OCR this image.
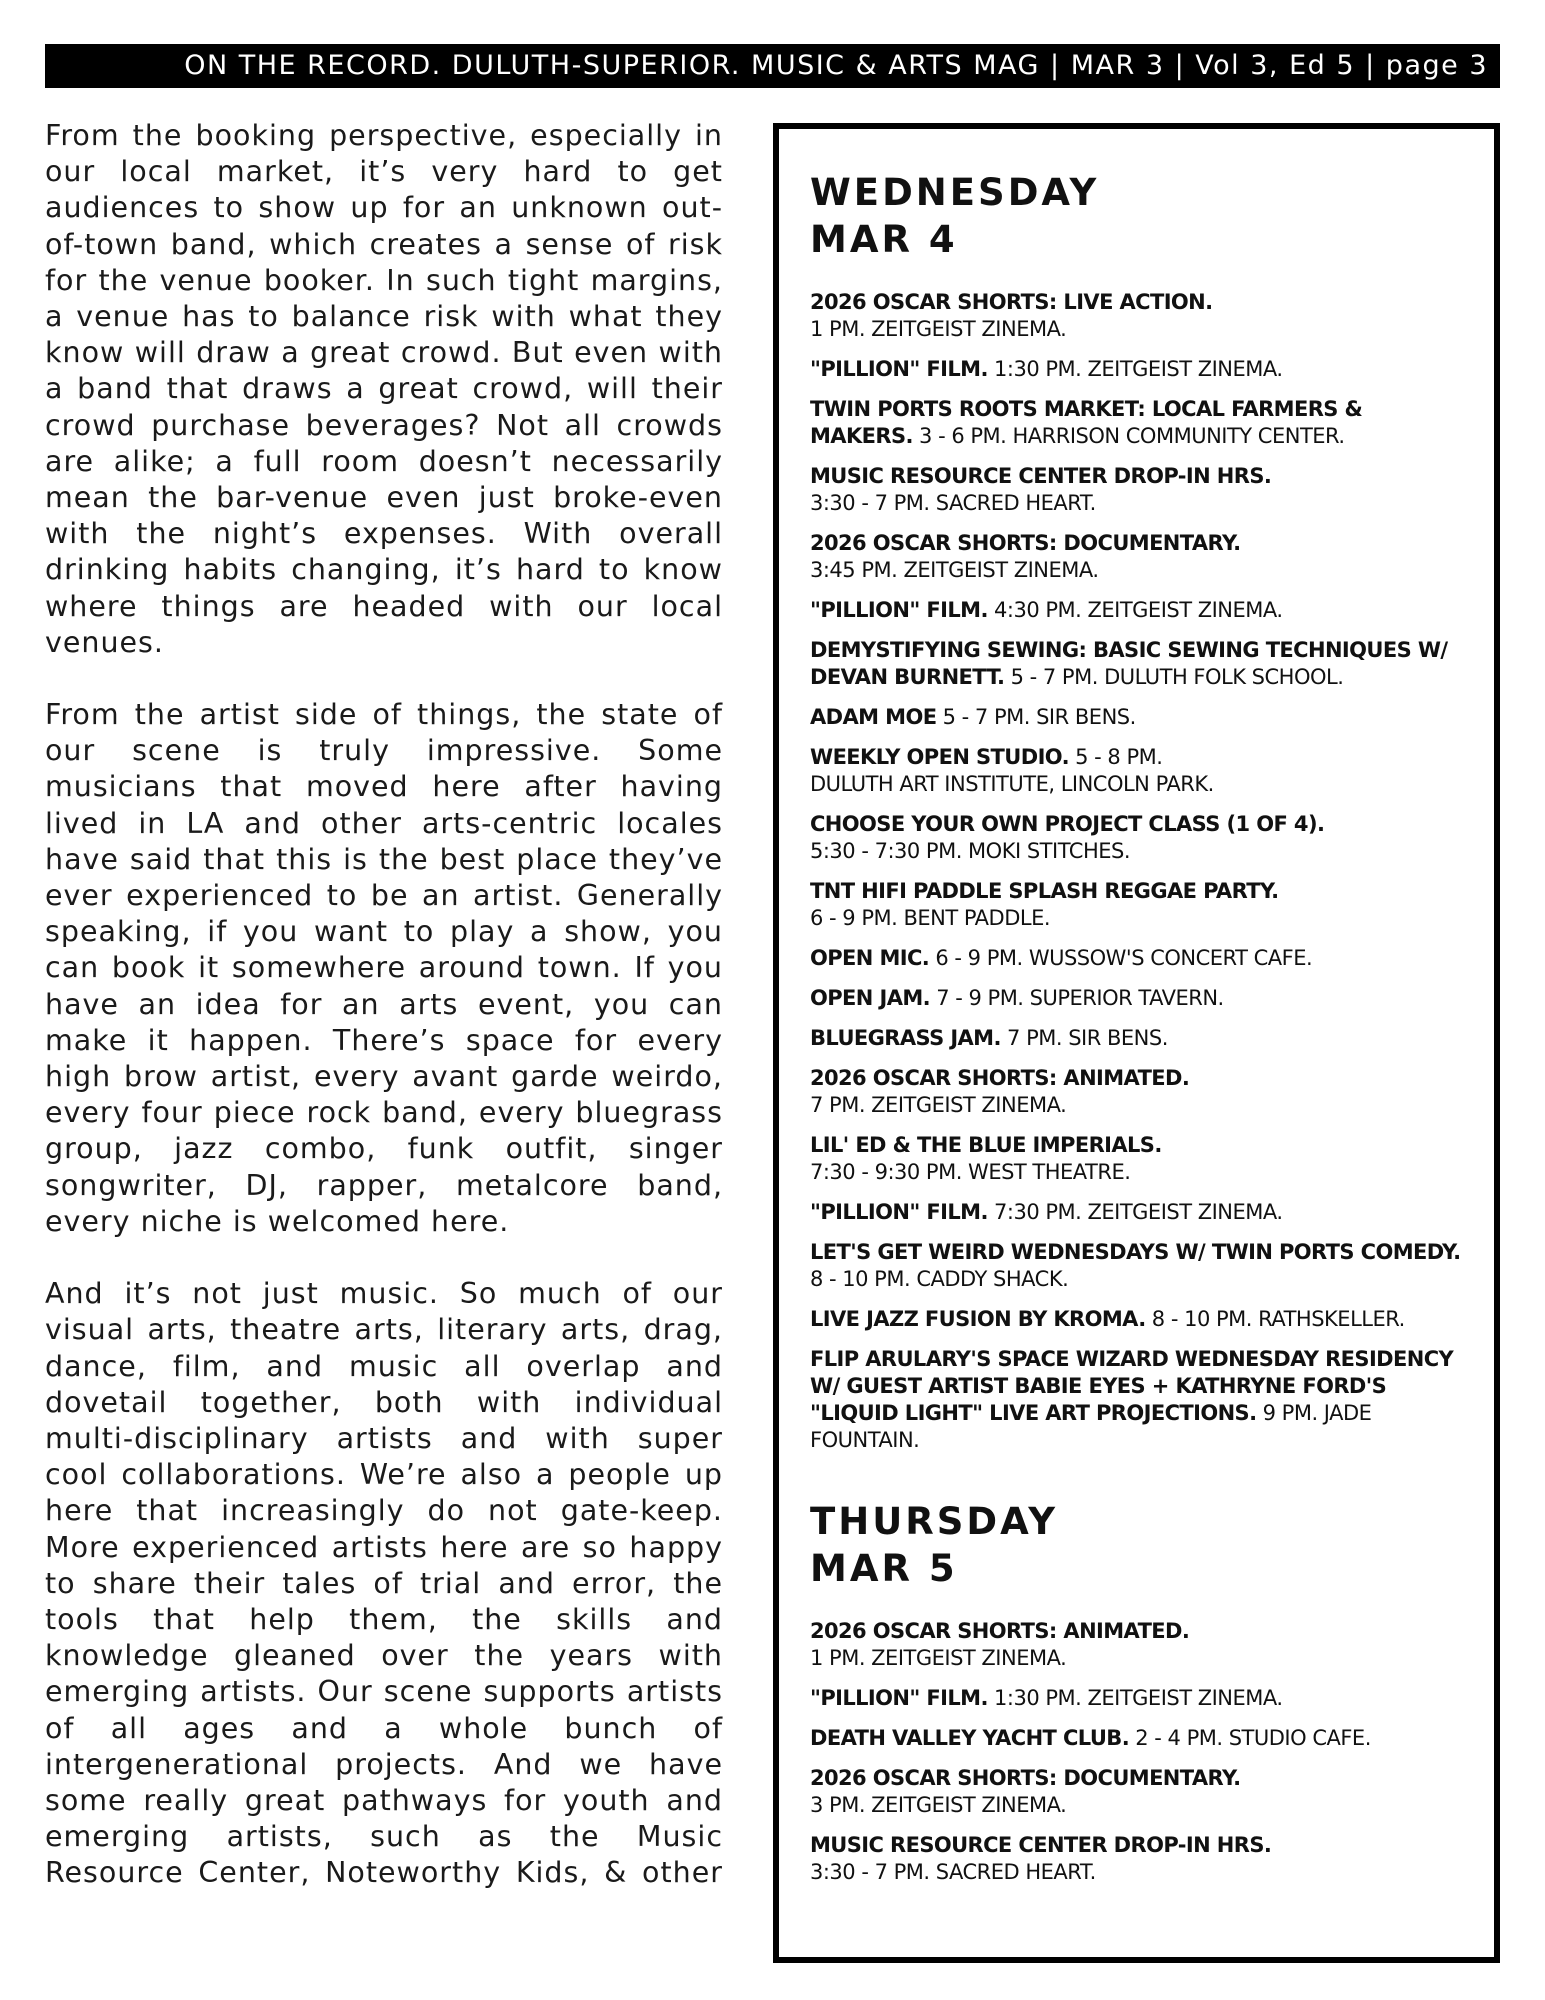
ON THE RECORD. DULUTH-SUPERIOR. MUSIC & ARTS MAG | MAR 3 | Vol 3, Ed 5 | page 3

From the booking perspective, especially in our local market, it’s very hard to get audiences to show up for an unknown out-of-town band, which creates a sense of risk for the venue booker. In such tight margins, a venue has to balance risk with what they know will draw a great crowd. But even with a band that draws a great crowd, will their crowd purchase beverages? Not all crowds are alike; a full room doesn’t necessarily mean the bar-venue even just broke-even with the night’s expenses. With overall drinking habits changing, it’s hard to know where things are headed with our local venues.

From the artist side of things, the state of our scene is truly impressive. Some musicians that moved here after having lived in LA and other arts-centric locales have said that this is the best place they’ve ever experienced to be an artist. Generally speaking, if you want to play a show, you can book it somewhere around town. If you have an idea for an arts event, you can make it happen. There’s space for every high brow artist, every avant garde weirdo, every four piece rock band, every bluegrass group, jazz combo, funk outfit, singer songwriter, DJ, rapper, metalcore band, every niche is welcomed here.

And it’s not just music. So much of our visual arts, theatre arts, literary arts, drag, dance, film, and music all overlap and dovetail together, both with individual multi-disciplinary artists and with super cool collaborations. We’re also a people up here that increasingly do not gate-keep. More experienced artists here are so happy to share their tales of trial and error, the tools that help them, the skills and knowledge gleaned over the years with emerging artists. Our scene supports artists of all ages and a whole bunch of intergenerational projects. And we have some really great pathways for youth and emerging artists, such as the Music Resource Center, Noteworthy Kids, & other

WEDNESDAY
MAR 4
2026 OSCAR SHORTS: LIVE ACTION.
1 PM. ZEITGEIST ZINEMA.
"PILLION" FILM. 1:30 PM. ZEITGEIST ZINEMA.
TWIN PORTS ROOTS MARKET: LOCAL FARMERS & MAKERS. 3 - 6 PM. HARRISON COMMUNITY CENTER.
MUSIC RESOURCE CENTER DROP-IN HRS.
3:30 - 7 PM. SACRED HEART.
2026 OSCAR SHORTS: DOCUMENTARY.
3:45 PM. ZEITGEIST ZINEMA.
"PILLION" FILM. 4:30 PM. ZEITGEIST ZINEMA.
DEMYSTIFYING SEWING: BASIC SEWING TECHNIQUES W/ DEVAN BURNETT. 5 - 7 PM. DULUTH FOLK SCHOOL.
ADAM MOE 5 - 7 PM. SIR BENS.
WEEKLY OPEN STUDIO. 5 - 8 PM.
DULUTH ART INSTITUTE, LINCOLN PARK.
CHOOSE YOUR OWN PROJECT CLASS (1 OF 4).
5:30 - 7:30 PM. MOKI STITCHES.
TNT HIFI PADDLE SPLASH REGGAE PARTY.
6 - 9 PM. BENT PADDLE.
OPEN MIC. 6 - 9 PM. WUSSOW'S CONCERT CAFE.
OPEN JAM. 7 - 9 PM. SUPERIOR TAVERN.
BLUEGRASS JAM. 7 PM. SIR BENS.
2026 OSCAR SHORTS: ANIMATED.
7 PM. ZEITGEIST ZINEMA.
LIL' ED & THE BLUE IMPERIALS.
7:30 - 9:30 PM. WEST THEATRE.
"PILLION" FILM. 7:30 PM. ZEITGEIST ZINEMA.
LET'S GET WEIRD WEDNESDAYS W/ TWIN PORTS COMEDY. 8 - 10 PM. CADDY SHACK.
LIVE JAZZ FUSION BY KROMA. 8 - 10 PM. RATHSKELLER.
FLIP ARULARY'S SPACE WIZARD WEDNESDAY RESIDENCY W/ GUEST ARTIST BABIE EYES + KATHRYNE FORD'S "LIQUID LIGHT" LIVE ART PROJECTIONS. 9 PM. JADE FOUNTAIN.
THURSDAY
MAR 5
2026 OSCAR SHORTS: ANIMATED.
1 PM. ZEITGEIST ZINEMA.
"PILLION" FILM. 1:30 PM. ZEITGEIST ZINEMA.
DEATH VALLEY YACHT CLUB. 2 - 4 PM. STUDIO CAFE.
2026 OSCAR SHORTS: DOCUMENTARY.
3 PM. ZEITGEIST ZINEMA.
MUSIC RESOURCE CENTER DROP-IN HRS.
3:30 - 7 PM. SACRED HEART.
